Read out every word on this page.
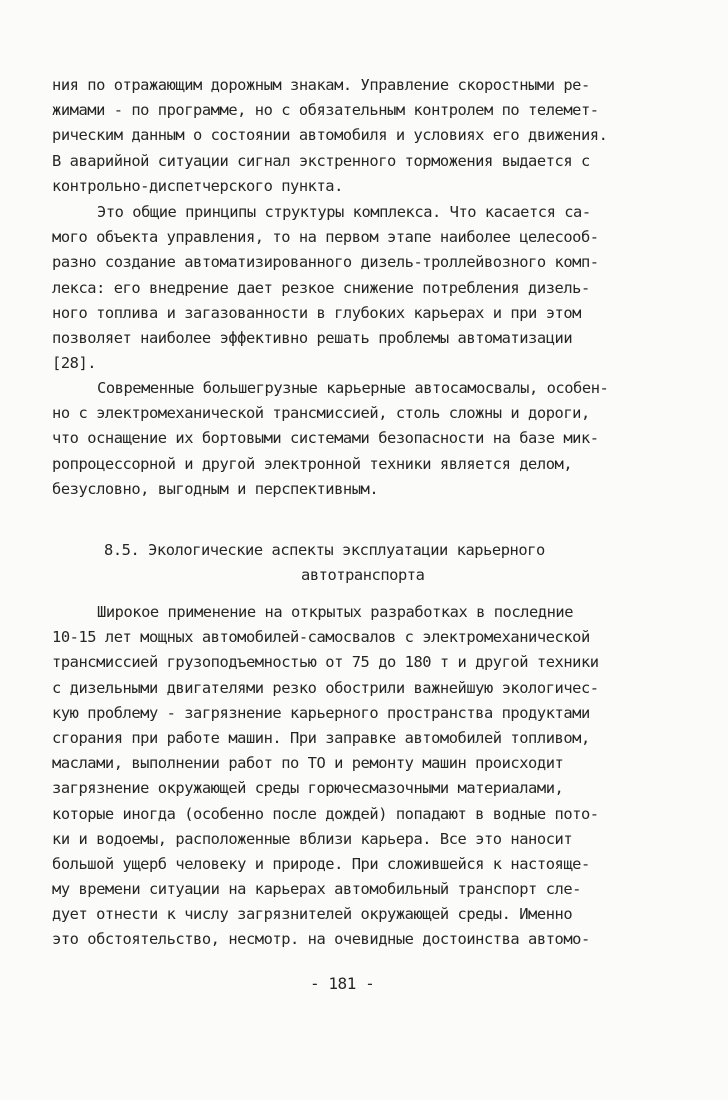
ния по отражающим дорожным знакам. Управление скоростными ре-
жимами - по программе, но с обязательным контролем по телемет-
рическим данным о состоянии автомобиля и условиях его движения.
В аварийной ситуации сигнал экстренного торможения выдается с
контрольно-диспетчерского пункта.
Это общие принципы структуры комплекса. Что касается са-
мого объекта управления, то на первом этапе наиболее целесооб-
разно создание автоматизированного дизель-троллейвозного комп-
лекса: его внедрение дает резкое снижение потребления дизель-
ного топлива и загазованности в глубоких карьерах и при этом
позволяет наиболее эффективно решать проблемы автоматизации
[28].
Современные большегрузные карьерные автосамосвалы, особен-
но с электромеханической трансмиссией, столь сложны и дороги,
что оснащение их бортовыми системами безопасности на базе мик-
ропроцессорной и другой электронной техники является делом,
безусловно, выгодным и перспективным.
8.5. Экологические аспекты эксплуатации карьерного
автотранспорта
Широкое применение на открытых разработках в последние
10-15 лет мощных автомобилей-самосвалов с электромеханической
трансмиссией грузоподъемностью от 75 до 180 т и другой техники
с дизельными двигателями резко обострили важнейшую экологичес-
кую проблему - загрязнение карьерного пространства продуктами
сгорания при работе машин. При заправке автомобилей топливом,
маслами, выполнении работ по ТО и ремонту машин происходит
загрязнение окружающей среды горючесмазочными материалами,
которые иногда (особенно после дождей) попадают в водные пото-
ки и водоемы, расположенные вблизи карьера. Все это наносит
большой ущерб человеку и природе. При сложившейся к настояще-
му времени ситуации на карьерах автомобильный транспорт сле-
дует отнести к числу загрязнителей окружающей среды. Именно
это обстоятельство, несмотр. на очевидные достоинства автомо-
- 181 -
